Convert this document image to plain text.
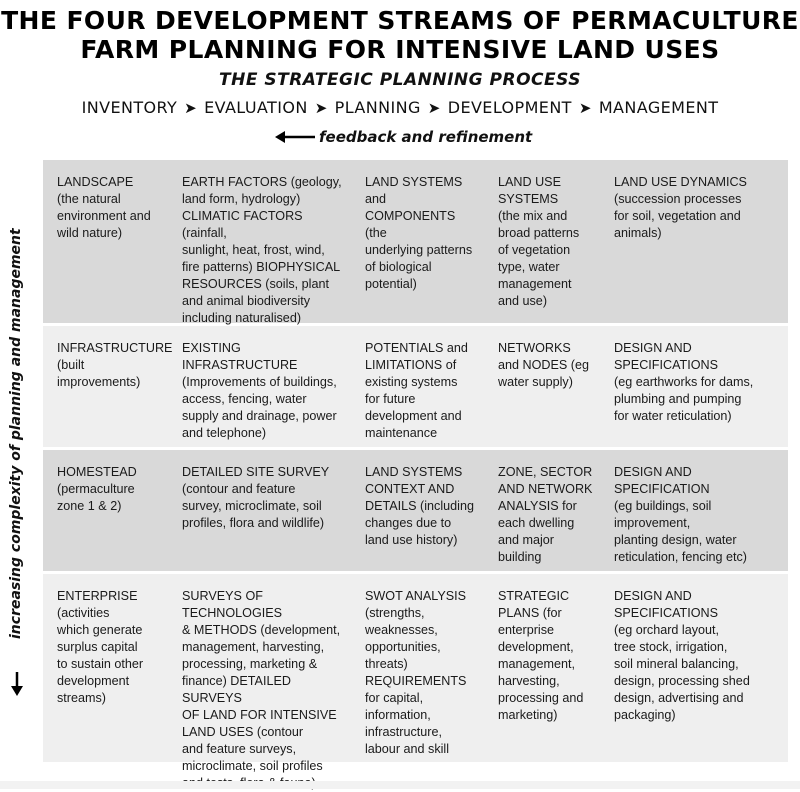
THE FOUR DEVELOPMENT STREAMS OF PERMACULTURE
FARM PLANNING FOR INTENSIVE LAND USES
THE STRATEGIC PLANNING PROCESS
INVENTORY ➤ EVALUATION ➤ PLANNING ➤ DEVELOPMENT ➤ MANAGEMENT
feedback and refinement
increasing complexity of planning and management
LANDSCAPE
(the natural
environment and
wild nature)
EARTH FACTORS (geology,
land form, hydrology)
CLIMATIC FACTORS (rainfall,
sunlight, heat, frost, wind,
fire patterns) BIOPHYSICAL
RESOURCES (soils, plant
and animal biodiversity
including naturalised)
LAND SYSTEMS and
COMPONENTS (the
underlying patterns
of biological
potential)
LAND USE
SYSTEMS
(the mix and
broad patterns
of vegetation
type, water
management
and use)
LAND USE DYNAMICS
(succession processes
for soil, vegetation and
animals)
INFRASTRUCTURE
(built
improvements)
EXISTING INFRASTRUCTURE
(Improvements of buildings,
access, fencing, water
supply and drainage, power
and telephone)
POTENTIALS and
LIMITATIONS of
existing systems
for future
development and
maintenance
NETWORKS
and NODES (eg
water supply)
DESIGN AND
SPECIFICATIONS
(eg earthworks for dams,
plumbing and pumping
for water reticulation)
HOMESTEAD
(permaculture
zone 1 & 2)
DETAILED SITE SURVEY
(contour and feature
survey, microclimate, soil
profiles, flora and wildlife)
LAND SYSTEMS
CONTEXT AND
DETAILS (including
changes due to
land use history)
ZONE, SECTOR
AND NETWORK
ANALYSIS for
each dwelling
and major
building
DESIGN AND
SPECIFICATION
(eg buildings, soil
improvement,
planting design, water
reticulation, fencing etc)
ENTERPRISE
(activities
which generate
surplus capital
to sustain other
development
streams)
SURVEYS OF TECHNOLOGIES
& METHODS (development,
management, harvesting,
processing, marketing &
finance) DETAILED SURVEYS
OF LAND FOR INTENSIVE
LAND USES (contour
and feature surveys,
microclimate, soil profiles

SWOT ANALYSIS
(strengths,
weaknesses,
opportunities,
threats)
REQUIREMENTS
for capital,
information,
infrastructure,
labour and skill
STRATEGIC
PLANS (for
enterprise
development,
management,
harvesting,
processing and
marketing)
DESIGN AND
SPECIFICATIONS
(eg orchard layout,
tree stock, irrigation,
soil mineral balancing,
design, processing shed
design, advertising and
packaging)
